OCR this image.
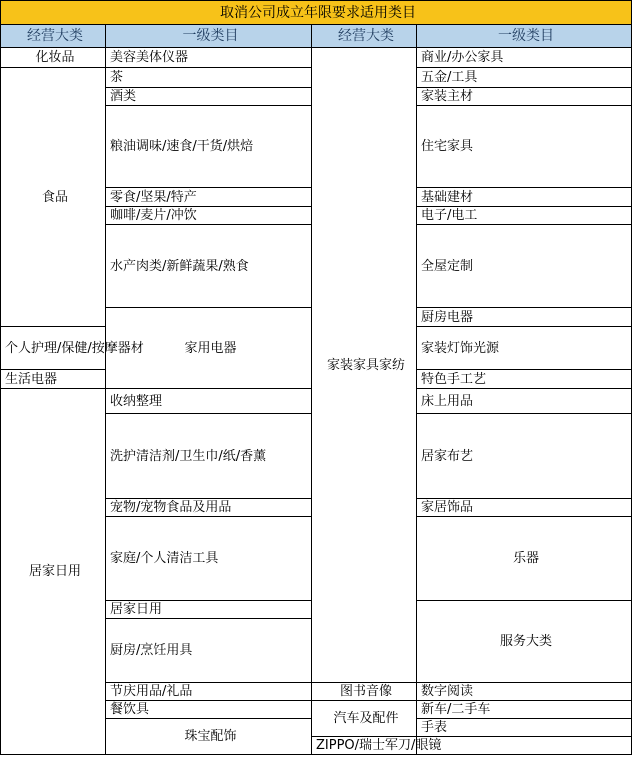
取消公司成立年限要求适用类目				
经营大类	一级类目	经营大类	一级类目	
化妆品	美容美体仪器	家装家具家纺	商业/办公家具	
食品	茶		五金/工具	
	酒类		家装主材	
	粮油调味/速食/干货/烘焙		住宅家具	
	零食/坚果/特产		基础建材	
	咖啡/麦片/冲饮		电子/电工	
	水产肉类/新鲜蔬果/熟食		全屋定制	
	家用电器		厨房电器	
个人护理/保健/按摩器材			家装灯饰光源	
生活电器			特色手工艺	
居家日用	收纳整理		床上用品	
	洗护清洁剂/卫生巾/纸/香薰		居家布艺	
	宠物/宠物食品及用品		家居饰品	
	家庭/个人清洁工具		乐器	
	居家日用		服务大类	
	厨房/烹饪用具	
	节庆用品/礼品	图书音像	数字阅读	
	餐饮具	汽车及配件	新车/二手车	
	珠宝配饰		手表	
		ZIPPO/瑞士军刀/眼镜		
